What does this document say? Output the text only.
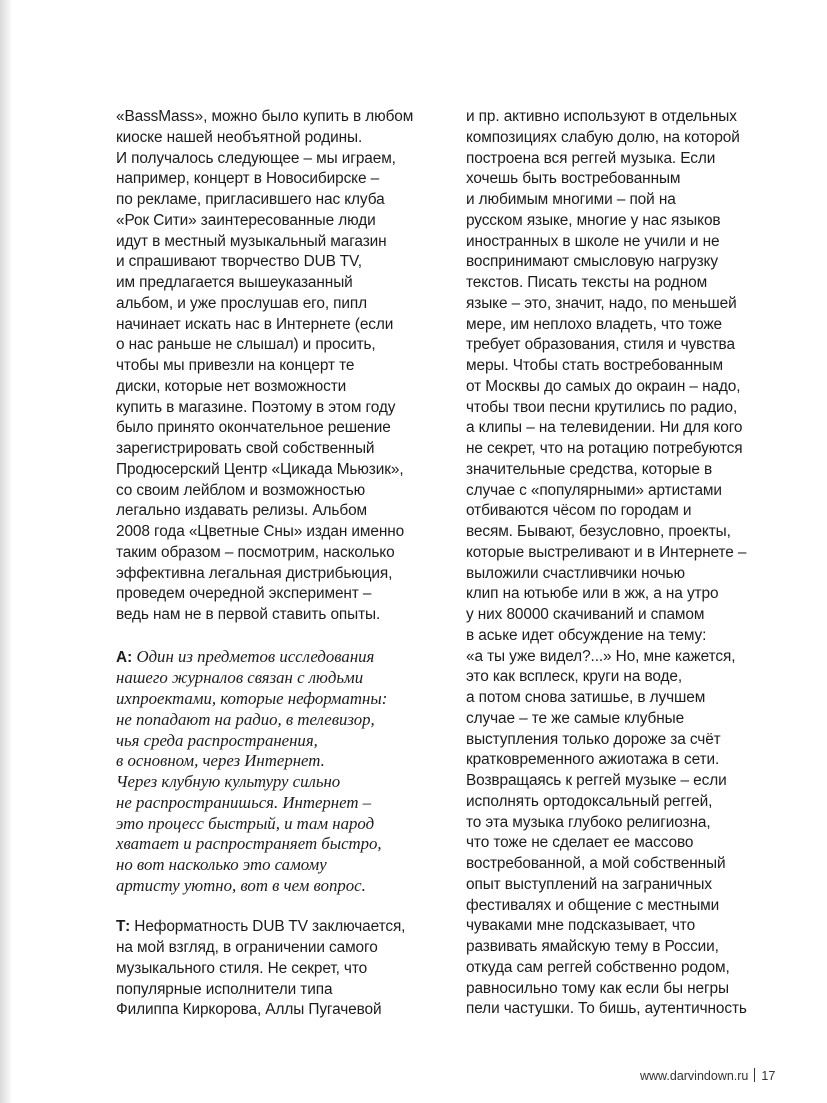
«BassMass», можно было купить в любом
киоске нашей необъятной родины.
И получалось следующее – мы играем,
например, концерт в Новосибирске –
по рекламе, пригласившего нас клуба
«Рок Сити» заинтересованные люди
идут в местный музыкальный магазин
и спрашивают творчество DUB TV,
им предлагается вышеуказанный
альбом, и уже прослушав его, пипл
начинает искать нас в Интернете (если
о нас раньше не слышал) и просить,
чтобы мы привезли на концерт те
диски, которые нет возможности
купить в магазине. Поэтому в этом году
было принято окончательное решение
зарегистрировать свой собственный
Продюсерский Центр «Цикада Мьюзик»,
со своим лейблом и возможностью
легально издавать релизы. Альбом
2008 года «Цветные Сны» издан именно
таким образом – посмотрим, насколько
эффективна легальная дистрибьюция,
проведем очередной эксперимент –
ведь нам не в первой ставить опыты.
А: Один из предметов исследования
нашего журналов связан с людьми
ихпроектами, которые неформатны:
не попадают на радио, в телевизор,
чья среда распространения,
в основном, через Интернет.
Через клубную культуру сильно
не распространишься. Интернет –
это процесс быстрый, и там народ
хватает и распространяет быстро,
но вот насколько это самому
артисту уютно, вот в чем вопрос.
Т: Неформатность DUB TV заключается,
на мой взгляд, в ограничении самого
музыкального стиля. Не секрет, что
популярные исполнители типа
Филиппа Киркорова, Аллы Пугачевой
и пр. активно используют в отдельных
композициях слабую долю, на которой
построена вся реггей музыка. Если
хочешь быть востребованным
и любимым многими – пой на
русском языке, многие у нас языков
иностранных в школе не учили и не
воспринимают смысловую нагрузку
текстов. Писать тексты на родном
языке – это, значит, надо, по меньшей
мере, им неплохо владеть, что тоже
требует образования, стиля и чувства
меры. Чтобы стать востребованным
от Москвы до самых до окраин – надо,
чтобы твои песни крутились по радио,
а клипы – на телевидении. Ни для кого
не секрет, что на ротацию потребуются
значительные средства, которые в
случае с «популярными» артистами
отбиваются чёсом по городам и
весям. Бывают, безусловно, проекты,
которые выстреливают и в Интернете –
выложили счастливчики ночью
клип на ютьюбе или в жж, а на утро
у них 80000 скачиваний и спамом
в аське идет обсуждение на тему:
«а ты уже видел?...» Но, мне кажется,
это как всплеск, круги на воде,
а потом снова затишье, в лучшем
случае – те же самые клубные
выступления только дороже за счёт
кратковременного ажиотажа в сети.
Возвращаясь к реггей музыке – если
исполнять ортодоксальный реггей,
то эта музыка глубоко религиозна,
что тоже не сделает ее массово
востребованной, а мой собственный
опыт выступлений на заграничных
фестивалях и общение с местными
чуваками мне подсказывает, что
развивать ямайскую тему в России,
откуда сам реггей собственно родом,
равносильно тому как если бы негры
пели частушки. То бишь, аутентичность
www.darvindown.ru 17
